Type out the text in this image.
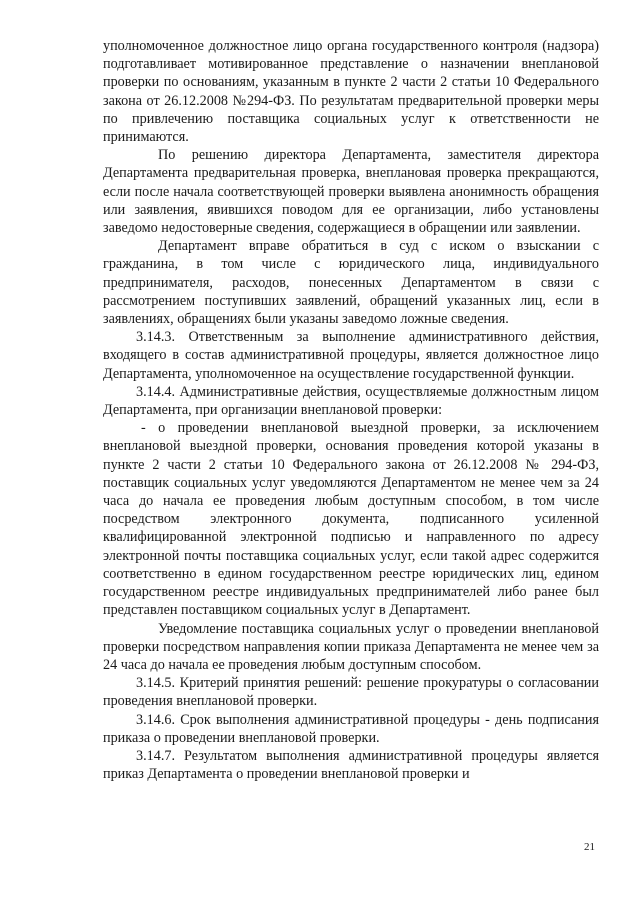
уполномоченное должностное лицо органа государственного контроля (надзора) подготавливает мотивированное представление о назначении внеплановой проверки по основаниям, указанным в пункте 2 части 2 статьи 10 Федерального закона от 26.12.2008 №294-ФЗ. По результатам предварительной проверки меры по привлечению поставщика социальных услуг к ответственности не принимаются.

По решению директора Департамента, заместителя директора Департамента предварительная проверка, внеплановая проверка прекращаются, если после начала соответствующей проверки выявлена анонимность обращения или заявления, явившихся поводом для ее организации, либо установлены заведомо недостоверные сведения, содержащиеся в обращении или заявлении.

Департамент вправе обратиться в суд с иском о взыскании с гражданина, в том числе с юридического лица, индивидуального предпринимателя, расходов, понесенных Департаментом в связи с рассмотрением поступивших заявлений, обращений указанных лиц, если в заявлениях, обращениях были указаны заведомо ложные сведения.

3.14.3. Ответственным за выполнение административного действия, входящего в состав административной процедуры, является должностное лицо Департамента, уполномоченное на осуществление государственной функции.

3.14.4. Административные действия, осуществляемые должностным лицом Департамента, при организации внеплановой проверки:

- о проведении внеплановой выездной проверки, за исключением внеплановой выездной проверки, основания проведения которой указаны в пункте 2 части 2 статьи 10 Федерального закона от 26.12.2008 № 294-ФЗ, поставщик социальных услуг уведомляются Департаментом не менее чем за 24 часа до начала ее проведения любым доступным способом, в том числе посредством электронного документа, подписанного усиленной квалифицированной электронной подписью и направленного по адресу электронной почты поставщика социальных услуг, если такой адрес содержится соответственно в едином государственном реестре юридических лиц, едином государственном реестре индивидуальных предпринимателей либо ранее был представлен поставщиком социальных услуг в Департамент.

Уведомление поставщика социальных услуг о проведении внеплановой проверки посредством направления копии приказа Департамента не менее чем за 24 часа до начала ее проведения любым доступным способом.

3.14.5. Критерий принятия решений: решение прокуратуры о согласовании проведения внеплановой проверки.

3.14.6. Срок выполнения административной процедуры - день подписания приказа о проведении внеплановой проверки.

3.14.7. Результатом выполнения административной процедуры является приказ Департамента о проведении внеплановой проверки и

21
